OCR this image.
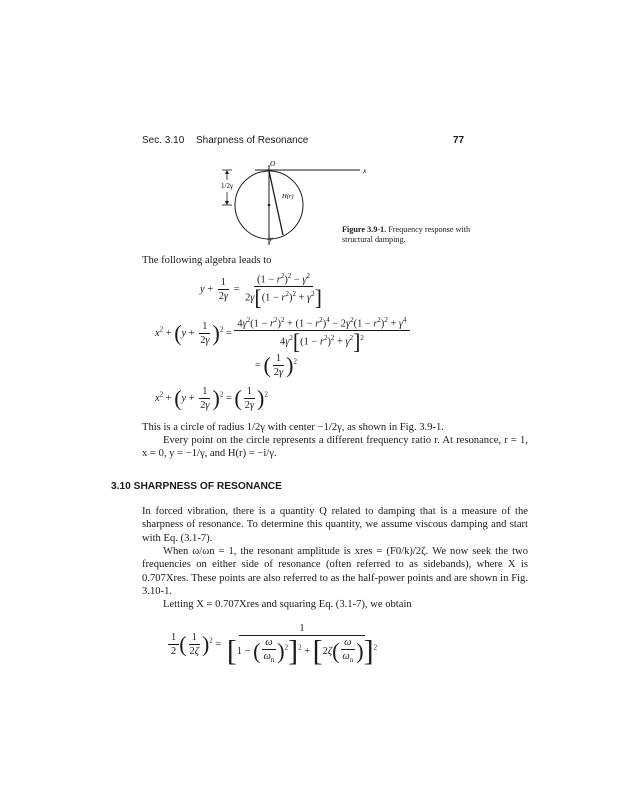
Sec. 3.10 Sharpness of Resonance	77
O
x
-y
1/2γ
H(r)
Figure 3.9-1. Frequency response with structural damping.
The following algebra leads to
$y + \frac{1}{2\gamma} = \frac{(1 - r^2)^2 - \gamma^2}{2\gamma[(1 - r^2)^2 + \gamma^2]}$
$x^2 + (y + \frac{1}{2\gamma} )^2 = \frac{4\gamma^2(1 - r^2)^2 + (1 - r^2)^4 - 2\gamma^2(1 - r^2)^2 + \gamma^4}{4\gamma^2[(1 - r^2)^2 + \gamma^2]^2}$
= ( $\frac{1}{2\gamma} )^2$
$x^2 + (y + \frac{1}{2\gamma} )^2$ = ( $\frac{1}{2\gamma} )^2$
This is a circle of radius 1/2γ with center −1/2γ, as shown in Fig. 3.9-1.
Every point on the circle represents a different frequency ratio r. At resonance, r = 1, x = 0, y = −1/γ, and H(r) = −i/γ.
3.10 SHARPNESS OF RESONANCE
In forced vibration, there is a quantity Q related to damping that is a measure of the sharpness of resonance. To determine this quantity, we assume viscous damping and start with Eq. (3.1-7).
When ω/ωn = 1, the resonant amplitude is xres = (F0/k)/2ζ. We now seek the two frequencies on either side of resonance (often referred to as sidebands), where X is 0.707Xres. These points are also referred to as the half-power points and are shown in Fig. 3.10-1.
Letting X = 0.707Xres and squaring Eq. (3.1-7), we obtain
$\frac{1}{2}$ ( $\frac{1}{2\zeta} )^2 = \frac{1}{[1 - ( \frac{\omega}{\omega_n} )^2]^2 + [2\zeta( \frac{\omega}{\omega_n} )]^2}$
